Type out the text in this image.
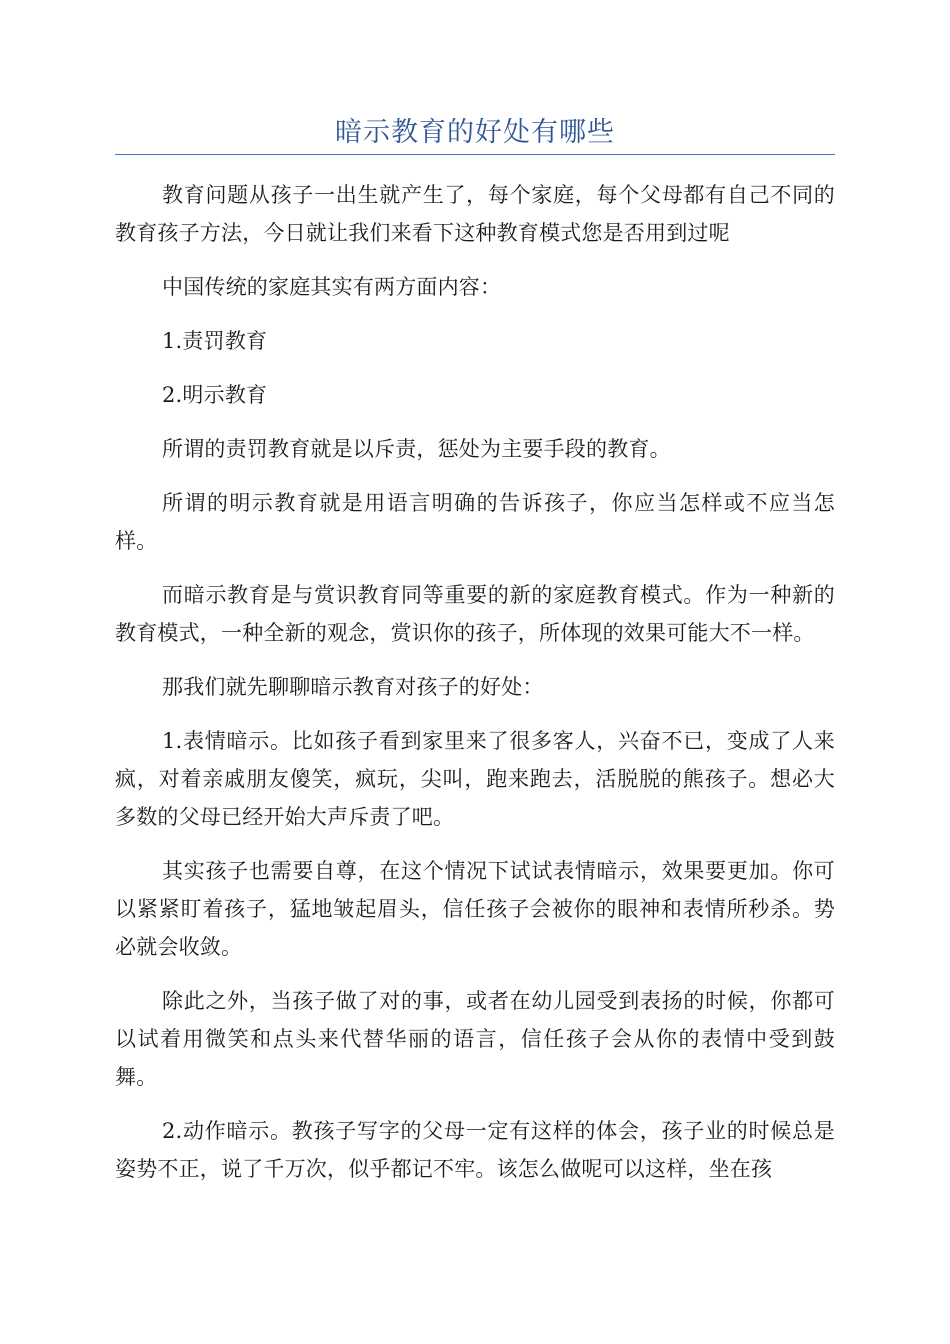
暗示教育的好处有哪些

教育问题从孩子一出生就产生了，每个家庭，每个父母都有自己不同的教育孩子方法，今日就让我们来看下这种教育模式您是否用到过呢

中国传统的家庭其实有两方面内容：

1.责罚教育

2.明示教育

所谓的责罚教育就是以斥责，惩处为主要手段的教育。

所谓的明示教育就是用语言明确的告诉孩子，你应当怎样或不应当怎样。

而暗示教育是与赏识教育同等重要的新的家庭教育模式。作为一种新的教育模式，一种全新的观念，赏识你的孩子，所体现的效果可能大不一样。

那我们就先聊聊暗示教育对孩子的好处：

1.表情暗示。比如孩子看到家里来了很多客人，兴奋不已，变成了人来疯，对着亲戚朋友傻笑，疯玩，尖叫，跑来跑去，活脱脱的熊孩子。想必大多数的父母已经开始大声斥责了吧。

其实孩子也需要自尊，在这个情况下试试表情暗示，效果要更加。你可以紧紧盯着孩子，猛地皱起眉头，信任孩子会被你的眼神和表情所秒杀。势必就会收敛。

除此之外，当孩子做了对的事，或者在幼儿园受到表扬的时候，你都可以试着用微笑和点头来代替华丽的语言，信任孩子会从你的表情中受到鼓舞。

2.动作暗示。教孩子写字的父母一定有这样的体会，孩子业的时候总是姿势不正，说了千万次，似乎都记不牢。该怎么做呢可以这样，坐在孩
